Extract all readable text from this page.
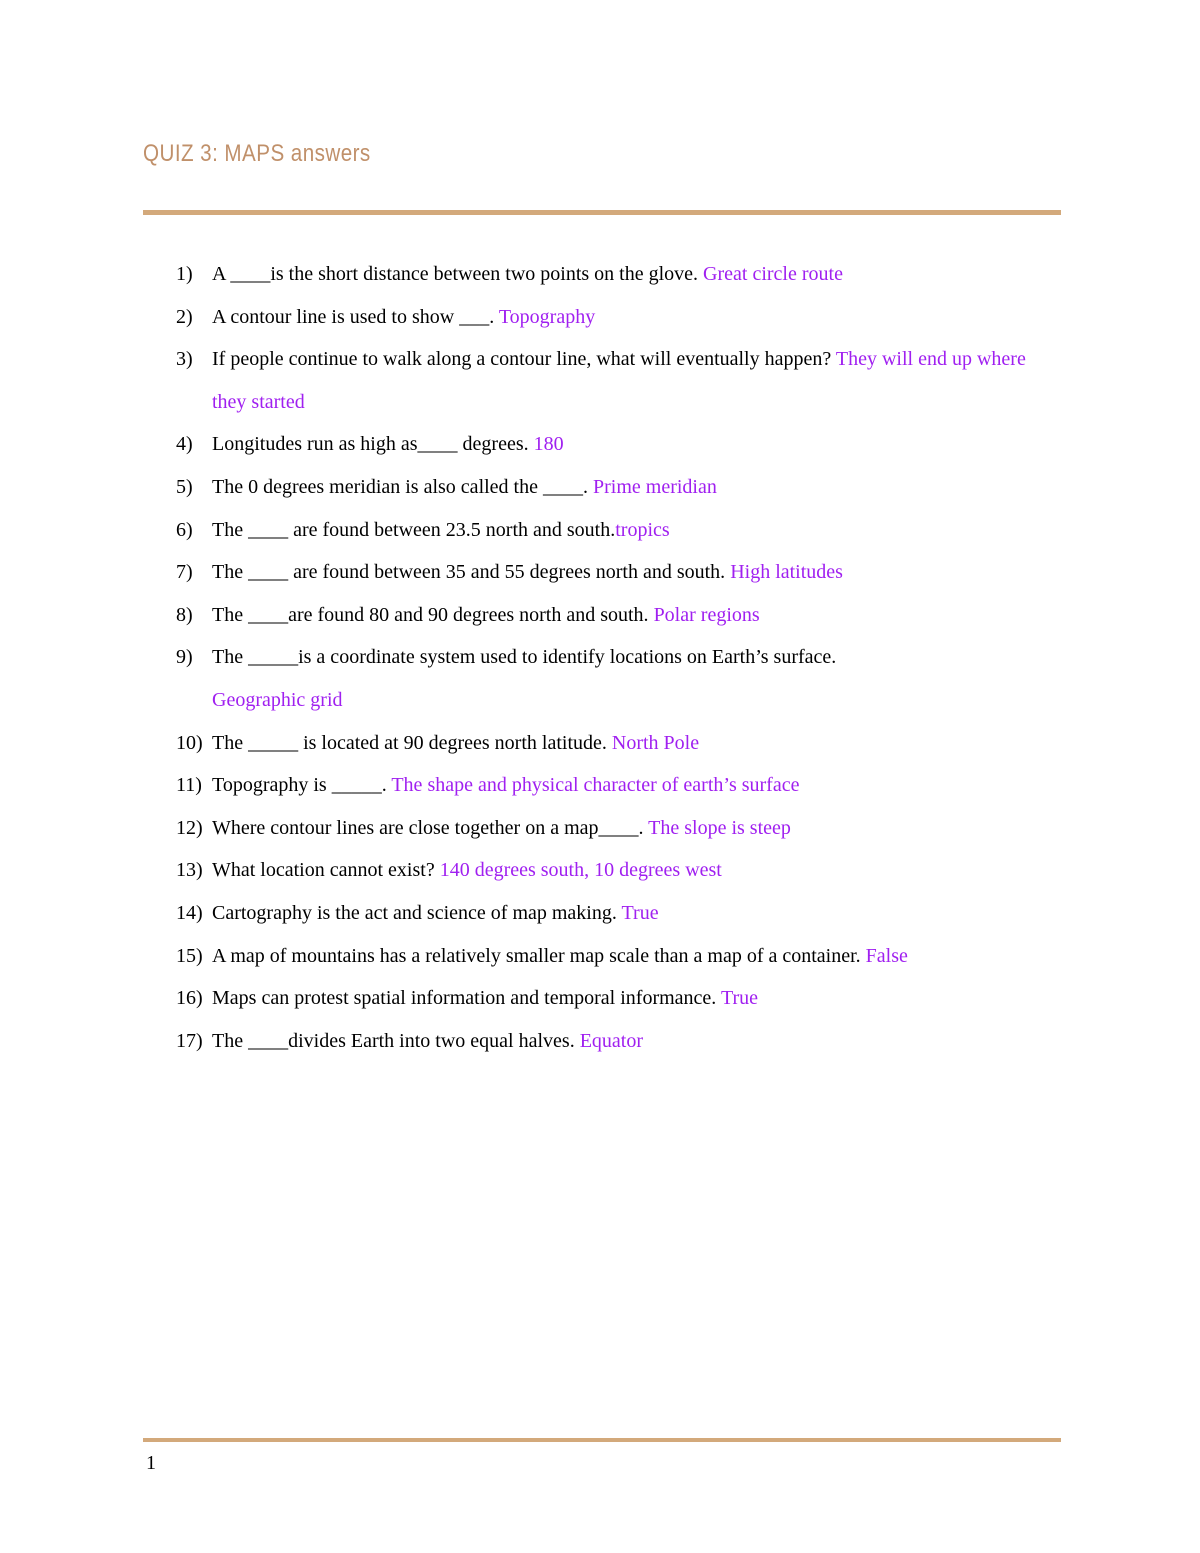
QUIZ 3: MAPS answers
1) A ____is the short distance between two points on the glove. Great circle route
2) A contour line is used to show ___. Topography
3) If people continue to walk along a contour line, what will eventually happen? They will end up where they started
4) Longitudes run as high as____ degrees. 180
5) The 0 degrees meridian is also called the ____. Prime meridian
6) The ____ are found between 23.5 north and south.tropics
7) The ____ are found between 35 and 55 degrees north and south. High latitudes
8) The ____are found 80 and 90 degrees north and south. Polar regions
9) The _____is a coordinate system used to identify locations on Earth’s surface.
Geographic grid
10) The _____ is located at 90 degrees north latitude. North Pole
11) Topography is _____. The shape and physical character of earth’s surface
12) Where contour lines are close together on a map____. The slope is steep
13) What location cannot exist? 140 degrees south, 10 degrees west
14) Cartography is the act and science of map making. True
15) A map of mountains has a relatively smaller map scale than a map of a container. False
16) Maps can protest spatial information and temporal informance. True
17) The ____divides Earth into two equal halves. Equator
1
